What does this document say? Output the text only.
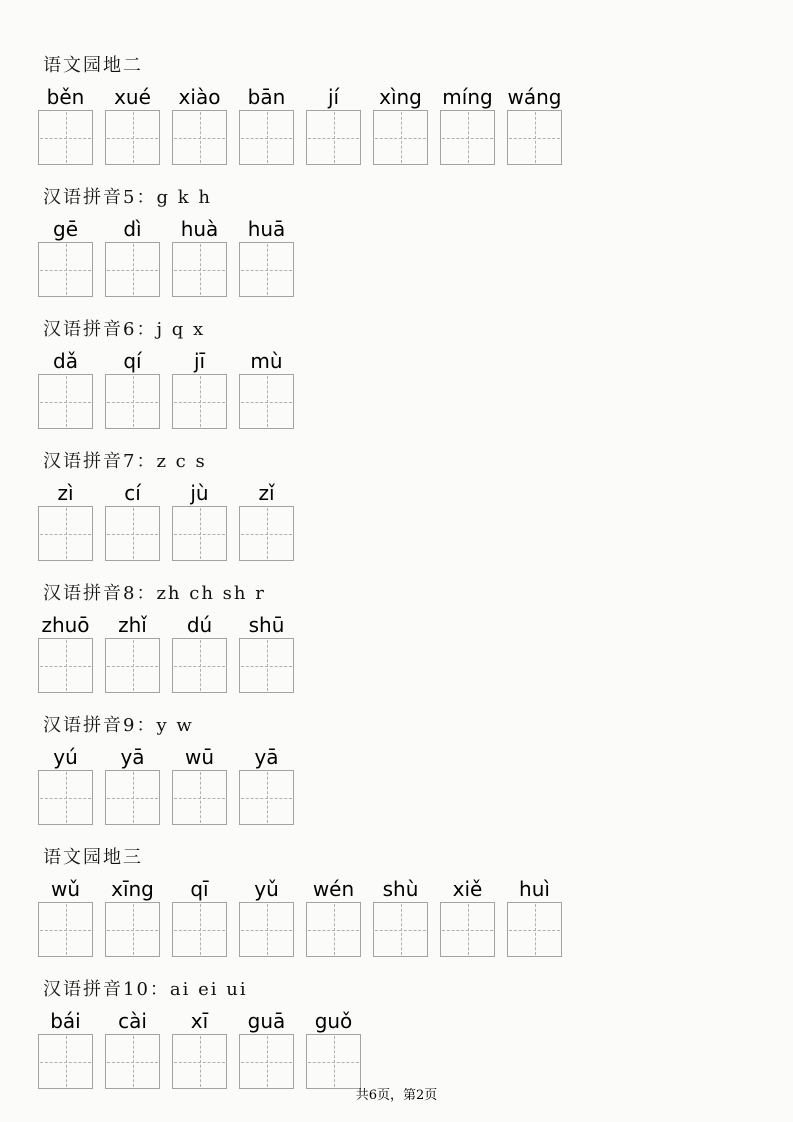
语文园地二
běn	xué	xiào	bān	jí	xìng	míng wáng
汉语拼音5：g k h
gē	dì	huà	huā
汉语拼音6：j q x
dǎ	qí	jī	mù
汉语拼音7：z c s
zì	cí	jù	zǐ
汉语拼音8：zh ch sh r
zhuō	zhǐ	dú	shū
汉语拼音9：y w
yú	yā	wū	yā
语文园地三
wǔ	xīng	qī	yǔ	wén	shù	xiě	huì
汉语拼音10：ai ei ui
bái	cài	xī	guā	guǒ
共6页，第2页
